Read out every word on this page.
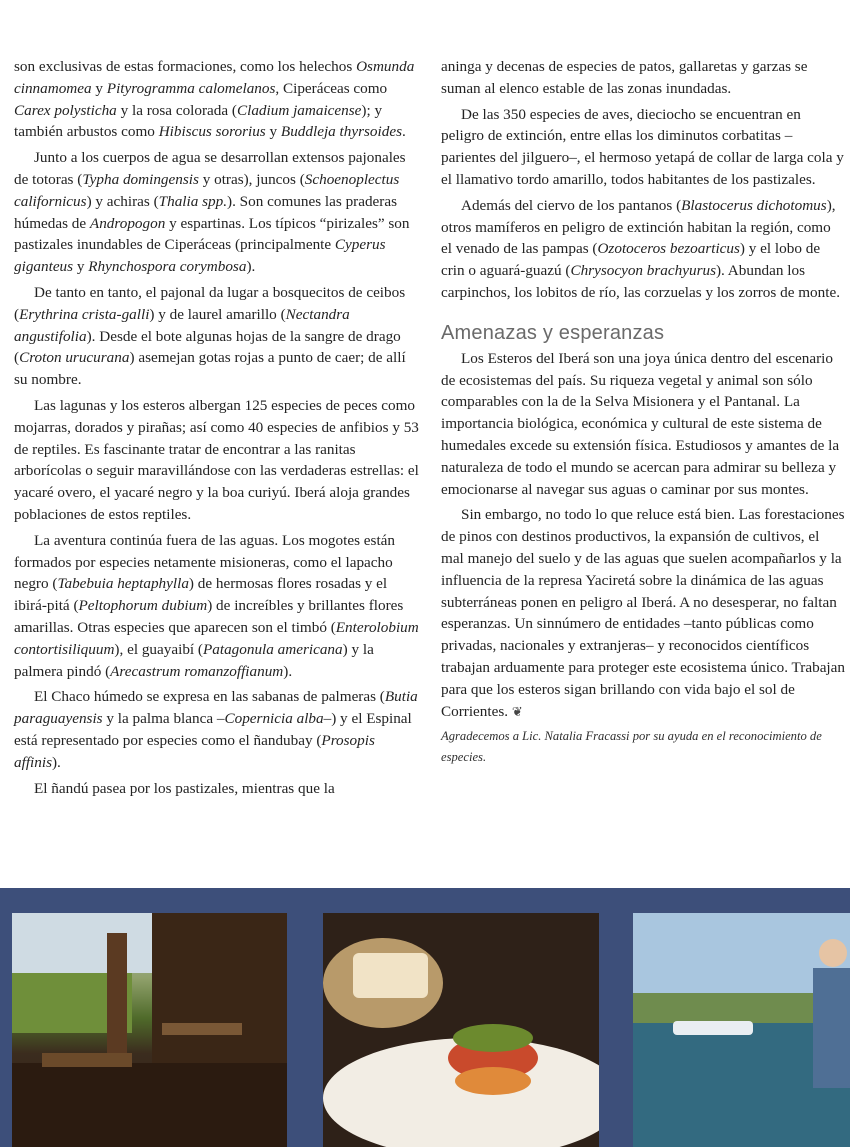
son exclusivas de estas formaciones, como los helechos Osmunda cinnamomea y Pityrogramma calomelanos, Ciperáceas como Carex polysticha y la rosa colorada (Cladium jamaicense); y también arbustos como Hibiscus sororius y Buddleja thyrsoides.

Junto a los cuerpos de agua se desarrollan extensos pajonales de totoras (Typha domingensis y otras), juncos (Schoenoplectus californicus) y achiras (Thalia spp.). Son comunes las praderas húmedas de Andropogon y espartinas. Los típicos “pirizales” son pastizales inundables de Ciperáceas (principalmente Cyperus giganteus y Rhynchospora corymbosa).

De tanto en tanto, el pajonal da lugar a bosquecitos de ceibos (Erythrina crista-galli) y de laurel amarillo (Nectandra angustifolia). Desde el bote algunas hojas de la sangre de drago (Croton urucurana) asemejan gotas rojas a punto de caer; de allí su nombre.

Las lagunas y los esteros albergan 125 especies de peces como mojarras, dorados y pirañas; así como 40 especies de anfibios y 53 de reptiles. Es fascinante tratar de encontrar a las ranitas arborícolas o seguir maravillándose con las verdaderas estrellas: el yacaré overo, el yacaré negro y la boa curiyú. Iberá aloja grandes poblaciones de estos reptiles.

La aventura continúa fuera de las aguas. Los mogotes están formados por especies netamente misioneras, como el lapacho negro (Tabebuia heptaphylla) de hermosas flores rosadas y el ibirá-pitá (Peltophorum dubium) de increíbles y brillantes flores amarillas. Otras especies que aparecen son el timbó (Enterolobium contortisiliquum), el guayaibí (Patagonula americana) y la palmera pindó (Arecastrum romanzoffianum).

El Chaco húmedo se expresa en las sabanas de palmeras (Butia paraguayensis y la palma blanca –Copernicia alba–) y el Espinal está representado por especies como el ñandubay (Prosopis affinis).

El ñandú pasea por los pastizales, mientras que la

aninga y decenas de especies de patos, gallaretas y garzas se suman al elenco estable de las zonas inundadas.

De las 350 especies de aves, dieciocho se encuentran en peligro de extinción, entre ellas los diminutos corbatitas –parientes del jilguero–, el hermoso yetapá de collar de larga cola y el llamativo tordo amarillo, todos habitantes de los pastizales.

Además del ciervo de los pantanos (Blastocerus dichotomus), otros mamíferos en peligro de extinción habitan la región, como el venado de las pampas (Ozotoceros bezoarticus) y el lobo de crin o aguará-guazú (Chrysocyon brachyurus). Abundan los carpinchos, los lobitos de río, las corzuelas y los zorros de monte.

Amenazas y esperanzas

Los Esteros del Iberá son una joya única dentro del escenario de ecosistemas del país. Su riqueza vegetal y animal son sólo comparables con la de la Selva Misionera y el Pantanal. La importancia biológica, económica y cultural de este sistema de humedales excede su extensión física. Estudiosos y amantes de la naturaleza de todo el mundo se acercan para admirar su belleza y emocionarse al navegar sus aguas o caminar por sus montes.

Sin embargo, no todo lo que reluce está bien. Las forestaciones de pinos con destinos productivos, la expansión de cultivos, el mal manejo del suelo y de las aguas que suelen acompañarlos y la influencia de la represa Yaciretá sobre la dinámica de las aguas subterráneas ponen en peligro al Iberá. A no desesperar, no faltan esperanzas. Un sinnúmero de entidades –tanto públicas como privadas, nacionales y extranjeras– y reconocidos científicos trabajan arduamente para proteger este ecosistema único. Trabajan para que los esteros sigan brillando con vida bajo el sol de Corrientes. ❦

Agradecemos a Lic. Natalia Fracassi por su ayuda en el reconocimiento de especies.
